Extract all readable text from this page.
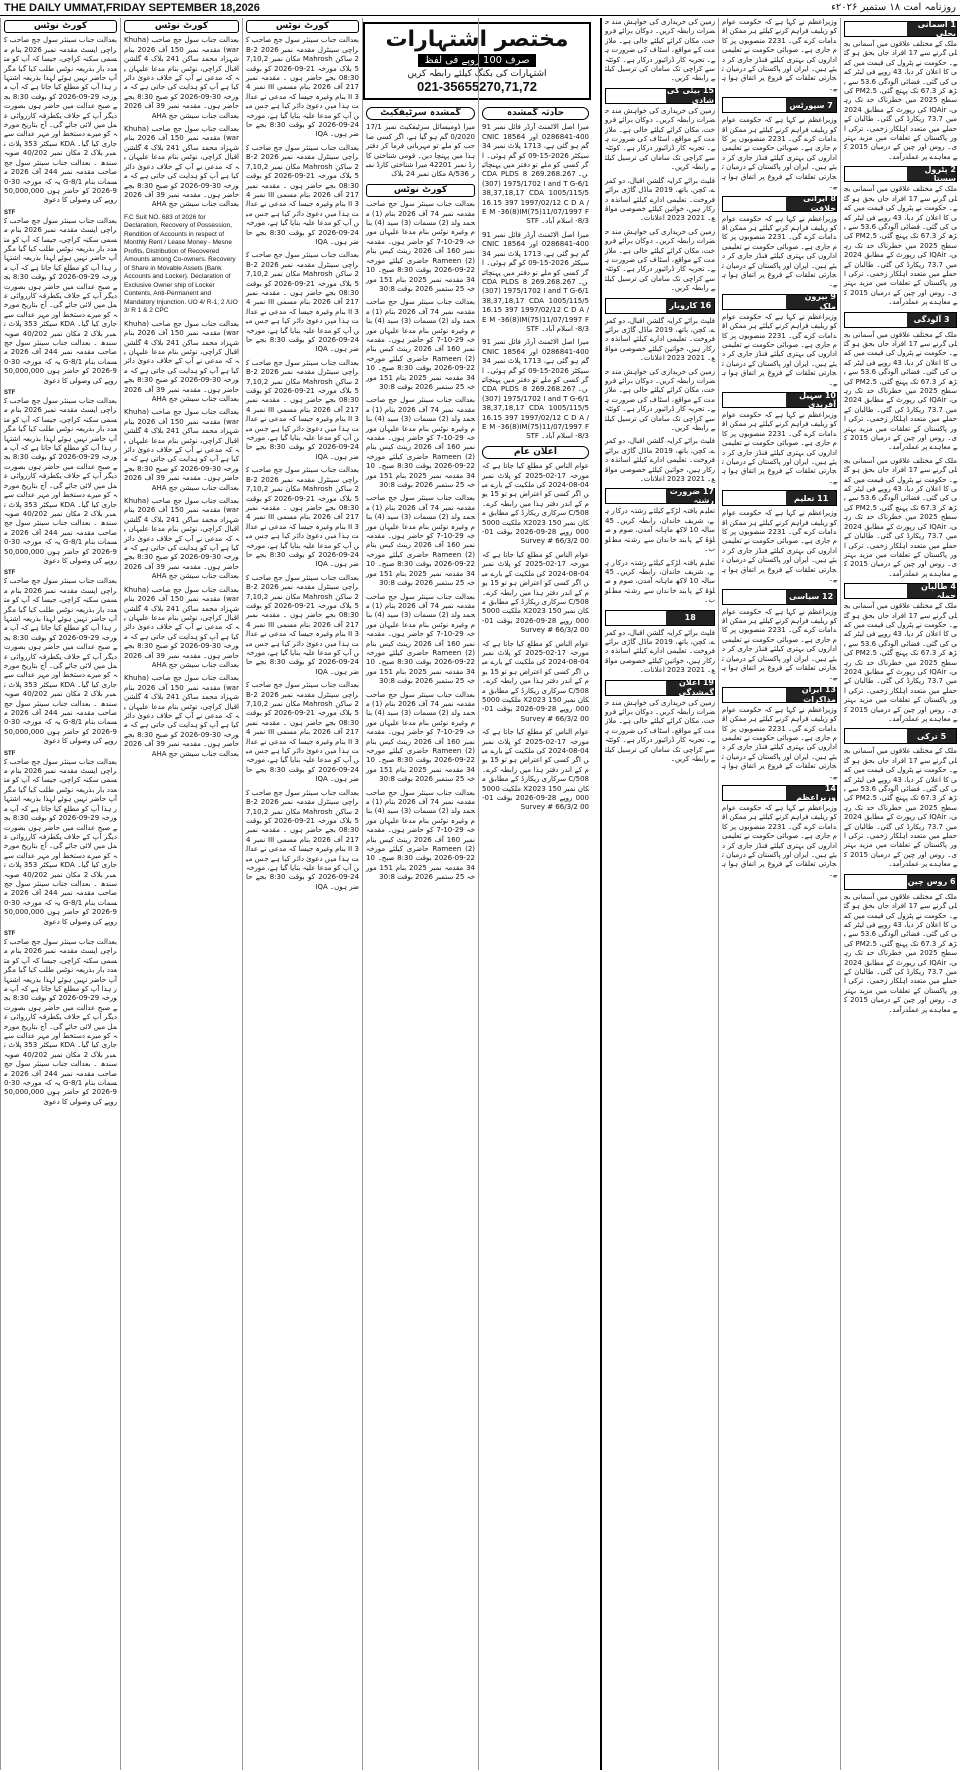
THE DAILY UMMAT,FRIDAY SEPTEMBER 18,2026	روزنامہ امت ۱۸ ستمبر ۲۰۲۶ء
کورٹ نوٹس
بعدالت جناب سینئر سول جج صاحب کراچی ایسٹ مقدمہ نمبر 2026 بنام مسمی سکنہ کراچی، جیسا کہ آپ کو متعدد بار بذریعہ نوٹس طلب کیا گیا مگر آپ حاضر نہیں ہوئے لہذا بذریعہ اشتہار ہذا آپ کو مطلع کیا جاتا ہے کہ آپ مورخہ 29-09-2026 کو بوقت 8:30 بجے صبح عدالت میں حاضر ہوں بصورت دیگر آپ کے خلاف یکطرفہ کارروائی عمل میں لائی جائے گی۔ آج بتاریخ مورخہ کو میرے دستخط اور مہر عدالت سے جاری کیا گیا۔ KDA سیکٹر 353 پلاٹ نمبر بلاک 2 مکان نمبر 40/202 صوبہ سندھ ۔ بعدالت جناب سینئر سول جج صاحب مقدمہ نمبر 244 آف 2026 مسمات بنام G-8/1 یہ کہ مورخہ 30-09-2026 کو حاضر ہوں 50,000,000 روپے کی وصولی کا دعویٰ
STF
بعدالت جناب سینئر سول جج صاحب کراچی ایسٹ مقدمہ نمبر 2026 بنام مسمی سکنہ کراچی، جیسا کہ آپ کو متعدد بار بذریعہ نوٹس طلب کیا گیا مگر آپ حاضر نہیں ہوئے لہذا بذریعہ اشتہار ہذا آپ کو مطلع کیا جاتا ہے کہ آپ مورخہ 29-09-2026 کو بوقت 8:30 بجے صبح عدالت میں حاضر ہوں بصورت دیگر آپ کے خلاف یکطرفہ کارروائی عمل میں لائی جائے گی۔ آج بتاریخ مورخہ کو میرے دستخط اور مہر عدالت سے جاری کیا گیا۔ KDA سیکٹر 353 پلاٹ نمبر بلاک 2 مکان نمبر 40/202 صوبہ سندھ ۔ بعدالت جناب سینئر سول جج صاحب مقدمہ نمبر 244 آف 2026 مسمات بنام G-8/1 یہ کہ مورخہ 30-09-2026 کو حاضر ہوں 50,000,000 روپے کی وصولی کا دعویٰ
STF
بعدالت جناب سینئر سول جج صاحب کراچی ایسٹ مقدمہ نمبر 2026 بنام مسمی سکنہ کراچی، جیسا کہ آپ کو متعدد بار بذریعہ نوٹس طلب کیا گیا مگر آپ حاضر نہیں ہوئے لہذا بذریعہ اشتہار ہذا آپ کو مطلع کیا جاتا ہے کہ آپ مورخہ 29-09-2026 کو بوقت 8:30 بجے صبح عدالت میں حاضر ہوں بصورت دیگر آپ کے خلاف یکطرفہ کارروائی عمل میں لائی جائے گی۔ آج بتاریخ مورخہ کو میرے دستخط اور مہر عدالت سے جاری کیا گیا۔ KDA سیکٹر 353 پلاٹ نمبر بلاک 2 مکان نمبر 40/202 صوبہ سندھ ۔ بعدالت جناب سینئر سول جج صاحب مقدمہ نمبر 244 آف 2026 مسمات بنام G-8/1 یہ کہ مورخہ 30-09-2026 کو حاضر ہوں 50,000,000 روپے کی وصولی کا دعویٰ
STF
بعدالت جناب سینئر سول جج صاحب کراچی ایسٹ مقدمہ نمبر 2026 بنام مسمی سکنہ کراچی، جیسا کہ آپ کو متعدد بار بذریعہ نوٹس طلب کیا گیا مگر آپ حاضر نہیں ہوئے لہذا بذریعہ اشتہار ہذا آپ کو مطلع کیا جاتا ہے کہ آپ مورخہ 29-09-2026 کو بوقت 8:30 بجے صبح عدالت میں حاضر ہوں بصورت دیگر آپ کے خلاف یکطرفہ کارروائی عمل میں لائی جائے گی۔ آج بتاریخ مورخہ کو میرے دستخط اور مہر عدالت سے جاری کیا گیا۔ KDA سیکٹر 353 پلاٹ نمبر بلاک 2 مکان نمبر 40/202 صوبہ سندھ ۔ بعدالت جناب سینئر سول جج صاحب مقدمہ نمبر 244 آف 2026 مسمات بنام G-8/1 یہ کہ مورخہ 30-09-2026 کو حاضر ہوں 50,000,000 روپے کی وصولی کا دعویٰ
STF
بعدالت جناب سینئر سول جج صاحب کراچی ایسٹ مقدمہ نمبر 2026 بنام مسمی سکنہ کراچی، جیسا کہ آپ کو متعدد بار بذریعہ نوٹس طلب کیا گیا مگر آپ حاضر نہیں ہوئے لہذا بذریعہ اشتہار ہذا آپ کو مطلع کیا جاتا ہے کہ آپ مورخہ 29-09-2026 کو بوقت 8:30 بجے صبح عدالت میں حاضر ہوں بصورت دیگر آپ کے خلاف یکطرفہ کارروائی عمل میں لائی جائے گی۔ آج بتاریخ مورخہ کو میرے دستخط اور مہر عدالت سے جاری کیا گیا۔ KDA سیکٹر 353 پلاٹ نمبر بلاک 2 مکان نمبر 40/202 صوبہ سندھ ۔ بعدالت جناب سینئر سول جج صاحب مقدمہ نمبر 244 آف 2026 مسمات بنام G-8/1 یہ کہ مورخہ 30-09-2026 کو حاضر ہوں 50,000,000 روپے کی وصولی کا دعویٰ
STF
بعدالت جناب سینئر سول جج صاحب کراچی ایسٹ مقدمہ نمبر 2026 بنام مسمی سکنہ کراچی، جیسا کہ آپ کو متعدد بار بذریعہ نوٹس طلب کیا گیا مگر آپ حاضر نہیں ہوئے لہذا بذریعہ اشتہار ہذا آپ کو مطلع کیا جاتا ہے کہ آپ مورخہ 29-09-2026 کو بوقت 8:30 بجے صبح عدالت میں حاضر ہوں بصورت دیگر آپ کے خلاف یکطرفہ کارروائی عمل میں لائی جائے گی۔ آج بتاریخ مورخہ کو میرے دستخط اور مہر عدالت سے جاری کیا گیا۔ KDA سیکٹر 353 پلاٹ نمبر بلاک 2 مکان نمبر 40/202 صوبہ سندھ ۔ بعدالت جناب سینئر سول جج صاحب مقدمہ نمبر 244 آف 2026 مسمات بنام G-8/1 یہ کہ مورخہ 30-09-2026 کو حاضر ہوں 50,000,000 روپے کی وصولی کا دعویٰ
کورٹ نوٹس
بعدالت جناب سول جج صاحب (Khuhawar) مقدمہ نمبر 150 آف 2026 بنام شہزاد محمد ساکن 241 بلاک 4 گلشن اقبال کراچی، نوٹس بنام مدعا علیہان یہ کہ مدعی نے آپ کے خلاف دعویٰ دائر کیا ہے آپ کو ہدایت کی جاتی ہے کہ مورخہ 30-09-2026 کو صبح 8:30 بجے حاضر ہوں۔ مقدمہ نمبر 39 آف 2026 بعدالت جناب سیشن جج AHA
بعدالت جناب سول جج صاحب (Khuhawar) مقدمہ نمبر 150 آف 2026 بنام شہزاد محمد ساکن 241 بلاک 4 گلشن اقبال کراچی، نوٹس بنام مدعا علیہان یہ کہ مدعی نے آپ کے خلاف دعویٰ دائر کیا ہے آپ کو ہدایت کی جاتی ہے کہ مورخہ 30-09-2026 کو صبح 8:30 بجے حاضر ہوں۔ مقدمہ نمبر 39 آف 2026 بعدالت جناب سیشن جج AHA
F.C Suit NO. 683 of 2026 for Declaration, Recovery of Possession, Rendition of Accounts in respect of Monthly Rent / Lease Money - Mesne Profits, Distribution of Recovered Amounts among Co-owners. Recovery of Share in Movable Assets (Bank Accounts and Locker). Declaration of Exclusive Owner ship of Locker Contents, Anti-Permanent and Mandatory Injunction. UO 4/ R-1, 2 /UO 3/ R 1 & 2 CPC
بعدالت جناب سول جج صاحب (Khuhawar) مقدمہ نمبر 150 آف 2026 بنام شہزاد محمد ساکن 241 بلاک 4 گلشن اقبال کراچی، نوٹس بنام مدعا علیہان یہ کہ مدعی نے آپ کے خلاف دعویٰ دائر کیا ہے آپ کو ہدایت کی جاتی ہے کہ مورخہ 30-09-2026 کو صبح 8:30 بجے حاضر ہوں۔ مقدمہ نمبر 39 آف 2026 بعدالت جناب سیشن جج AHA
بعدالت جناب سول جج صاحب (Khuhawar) مقدمہ نمبر 150 آف 2026 بنام شہزاد محمد ساکن 241 بلاک 4 گلشن اقبال کراچی، نوٹس بنام مدعا علیہان یہ کہ مدعی نے آپ کے خلاف دعویٰ دائر کیا ہے آپ کو ہدایت کی جاتی ہے کہ مورخہ 30-09-2026 کو صبح 8:30 بجے حاضر ہوں۔ مقدمہ نمبر 39 آف 2026 بعدالت جناب سیشن جج AHA
بعدالت جناب سول جج صاحب (Khuhawar) مقدمہ نمبر 150 آف 2026 بنام شہزاد محمد ساکن 241 بلاک 4 گلشن اقبال کراچی، نوٹس بنام مدعا علیہان یہ کہ مدعی نے آپ کے خلاف دعویٰ دائر کیا ہے آپ کو ہدایت کی جاتی ہے کہ مورخہ 30-09-2026 کو صبح 8:30 بجے حاضر ہوں۔ مقدمہ نمبر 39 آف 2026 بعدالت جناب سیشن جج AHA
بعدالت جناب سول جج صاحب (Khuhawar) مقدمہ نمبر 150 آف 2026 بنام شہزاد محمد ساکن 241 بلاک 4 گلشن اقبال کراچی، نوٹس بنام مدعا علیہان یہ کہ مدعی نے آپ کے خلاف دعویٰ دائر کیا ہے آپ کو ہدایت کی جاتی ہے کہ مورخہ 30-09-2026 کو صبح 8:30 بجے حاضر ہوں۔ مقدمہ نمبر 39 آف 2026 بعدالت جناب سیشن جج AHA
بعدالت جناب سول جج صاحب (Khuhawar) مقدمہ نمبر 150 آف 2026 بنام شہزاد محمد ساکن 241 بلاک 4 گلشن اقبال کراچی، نوٹس بنام مدعا علیہان یہ کہ مدعی نے آپ کے خلاف دعویٰ دائر کیا ہے آپ کو ہدایت کی جاتی ہے کہ مورخہ 30-09-2026 کو صبح 8:30 بجے حاضر ہوں۔ مقدمہ نمبر 39 آف 2026 بعدالت جناب سیشن جج AHA
کورٹ نوٹس
بعدالت جناب سینئر سول جج صاحب کراچی سینٹرل مقدمہ نمبر 2026 B-22 ساکن Mahrosh مکان نمبر 7,10,25 بلاک مورخہ 21-09-2026 کو بوقت 08:30 بجے حاضر ہوں ۔ مقدمہ نمبر 217 آف 2026 بنام مسمی III نمبر 43 II بنام وغیرہ جیسا کہ مدعی نے عدالت ہذا میں دعویٰ دائر کیا ہے جس میں آپ کو مدعا علیہ بنایا گیا ہے، مورخہ 24-09-2026 کو بوقت 8:30 بجے حاضر ہوں۔ IQA
بعدالت جناب سینئر سول جج صاحب کراچی سینٹرل مقدمہ نمبر 2026 B-22 ساکن Mahrosh مکان نمبر 7,10,25 بلاک مورخہ 21-09-2026 کو بوقت 08:30 بجے حاضر ہوں ۔ مقدمہ نمبر 217 آف 2026 بنام مسمی III نمبر 43 II بنام وغیرہ جیسا کہ مدعی نے عدالت ہذا میں دعویٰ دائر کیا ہے جس میں آپ کو مدعا علیہ بنایا گیا ہے، مورخہ 24-09-2026 کو بوقت 8:30 بجے حاضر ہوں۔ IQA
بعدالت جناب سینئر سول جج صاحب کراچی سینٹرل مقدمہ نمبر 2026 B-22 ساکن Mahrosh مکان نمبر 7,10,25 بلاک مورخہ 21-09-2026 کو بوقت 08:30 بجے حاضر ہوں ۔ مقدمہ نمبر 217 آف 2026 بنام مسمی III نمبر 43 II بنام وغیرہ جیسا کہ مدعی نے عدالت ہذا میں دعویٰ دائر کیا ہے جس میں آپ کو مدعا علیہ بنایا گیا ہے، مورخہ 24-09-2026 کو بوقت 8:30 بجے حاضر ہوں۔ IQA
بعدالت جناب سینئر سول جج صاحب کراچی سینٹرل مقدمہ نمبر 2026 B-22 ساکن Mahrosh مکان نمبر 7,10,25 بلاک مورخہ 21-09-2026 کو بوقت 08:30 بجے حاضر ہوں ۔ مقدمہ نمبر 217 آف 2026 بنام مسمی III نمبر 43 II بنام وغیرہ جیسا کہ مدعی نے عدالت ہذا میں دعویٰ دائر کیا ہے جس میں آپ کو مدعا علیہ بنایا گیا ہے، مورخہ 24-09-2026 کو بوقت 8:30 بجے حاضر ہوں۔ IQA
بعدالت جناب سینئر سول جج صاحب کراچی سینٹرل مقدمہ نمبر 2026 B-22 ساکن Mahrosh مکان نمبر 7,10,25 بلاک مورخہ 21-09-2026 کو بوقت 08:30 بجے حاضر ہوں ۔ مقدمہ نمبر 217 آف 2026 بنام مسمی III نمبر 43 II بنام وغیرہ جیسا کہ مدعی نے عدالت ہذا میں دعویٰ دائر کیا ہے جس میں آپ کو مدعا علیہ بنایا گیا ہے، مورخہ 24-09-2026 کو بوقت 8:30 بجے حاضر ہوں۔ IQA
بعدالت جناب سینئر سول جج صاحب کراچی سینٹرل مقدمہ نمبر 2026 B-22 ساکن Mahrosh مکان نمبر 7,10,25 بلاک مورخہ 21-09-2026 کو بوقت 08:30 بجے حاضر ہوں ۔ مقدمہ نمبر 217 آف 2026 بنام مسمی III نمبر 43 II بنام وغیرہ جیسا کہ مدعی نے عدالت ہذا میں دعویٰ دائر کیا ہے جس میں آپ کو مدعا علیہ بنایا گیا ہے، مورخہ 24-09-2026 کو بوقت 8:30 بجے حاضر ہوں۔ IQA
بعدالت جناب سینئر سول جج صاحب کراچی سینٹرل مقدمہ نمبر 2026 B-22 ساکن Mahrosh مکان نمبر 7,10,25 بلاک مورخہ 21-09-2026 کو بوقت 08:30 بجے حاضر ہوں ۔ مقدمہ نمبر 217 آف 2026 بنام مسمی III نمبر 43 II بنام وغیرہ جیسا کہ مدعی نے عدالت ہذا میں دعویٰ دائر کیا ہے جس میں آپ کو مدعا علیہ بنایا گیا ہے، مورخہ 24-09-2026 کو بوقت 8:30 بجے حاضر ہوں۔ IQA
بعدالت جناب سینئر سول جج صاحب کراچی سینٹرل مقدمہ نمبر 2026 B-22 ساکن Mahrosh مکان نمبر 7,10,25 بلاک مورخہ 21-09-2026 کو بوقت 08:30 بجے حاضر ہوں ۔ مقدمہ نمبر 217 آف 2026 بنام مسمی III نمبر 43 II بنام وغیرہ جیسا کہ مدعی نے عدالت ہذا میں دعویٰ دائر کیا ہے جس میں آپ کو مدعا علیہ بنایا گیا ہے، مورخہ 24-09-2026 کو بوقت 8:30 بجے حاضر ہوں۔ IQA
مختصر اشتہارات
صرف 100 روپے فی لفظ
اشتہارات کی بکنگ کیلئے رابطہ کریں
021-35655270,71,72
گمشدہ سرٹیفکیٹ
میرا ڈومیسائل سرٹیفکیٹ نمبر 17/10/2020 گم ہو گیا ہے، اگر کسی صاحب کو ملے تو مہربانی فرما کر دفتر ہذا میں پہنچا دیں۔ قومی شناختی کارڈ نمبر 42201 میرا شناختی کارڈ نمبر A/536 مکان نمبر 24 بلاک
کورٹ نوٹس
بعدالت جناب سینئر سول جج صاحب مقدمہ نمبر 74 آف 2026 بنام (1) محمد ولد (2) مسمات (3) سید (4) بنام وغیرہ نوٹس بنام مدعا علیہان مورخہ 29-10-7 کو حاضر ہوں۔ مقدمہ نمبر 160 آف 2026 رینٹ کیس بنام Rameen (2) حاضری کیلئے مورخہ 22-09-2026 بوقت 8:30 صبح۔ 1034 مقدمہ نمبر 2025 بنام 151 مورخہ 25 ستمبر 2026 بوقت 30:8
بعدالت جناب سینئر سول جج صاحب مقدمہ نمبر 74 آف 2026 بنام (1) محمد ولد (2) مسمات (3) سید (4) بنام وغیرہ نوٹس بنام مدعا علیہان مورخہ 29-10-7 کو حاضر ہوں۔ مقدمہ نمبر 160 آف 2026 رینٹ کیس بنام Rameen (2) حاضری کیلئے مورخہ 22-09-2026 بوقت 8:30 صبح۔ 1034 مقدمہ نمبر 2025 بنام 151 مورخہ 25 ستمبر 2026 بوقت 30:8
بعدالت جناب سینئر سول جج صاحب مقدمہ نمبر 74 آف 2026 بنام (1) محمد ولد (2) مسمات (3) سید (4) بنام وغیرہ نوٹس بنام مدعا علیہان مورخہ 29-10-7 کو حاضر ہوں۔ مقدمہ نمبر 160 آف 2026 رینٹ کیس بنام Rameen (2) حاضری کیلئے مورخہ 22-09-2026 بوقت 8:30 صبح۔ 1034 مقدمہ نمبر 2025 بنام 151 مورخہ 25 ستمبر 2026 بوقت 30:8
بعدالت جناب سینئر سول جج صاحب مقدمہ نمبر 74 آف 2026 بنام (1) محمد ولد (2) مسمات (3) سید (4) بنام وغیرہ نوٹس بنام مدعا علیہان مورخہ 29-10-7 کو حاضر ہوں۔ مقدمہ نمبر 160 آف 2026 رینٹ کیس بنام Rameen (2) حاضری کیلئے مورخہ 22-09-2026 بوقت 8:30 صبح۔ 1034 مقدمہ نمبر 2025 بنام 151 مورخہ 25 ستمبر 2026 بوقت 30:8
بعدالت جناب سینئر سول جج صاحب مقدمہ نمبر 74 آف 2026 بنام (1) محمد ولد (2) مسمات (3) سید (4) بنام وغیرہ نوٹس بنام مدعا علیہان مورخہ 29-10-7 کو حاضر ہوں۔ مقدمہ نمبر 160 آف 2026 رینٹ کیس بنام Rameen (2) حاضری کیلئے مورخہ 22-09-2026 بوقت 8:30 صبح۔ 1034 مقدمہ نمبر 2025 بنام 151 مورخہ 25 ستمبر 2026 بوقت 30:8
بعدالت جناب سینئر سول جج صاحب مقدمہ نمبر 74 آف 2026 بنام (1) محمد ولد (2) مسمات (3) سید (4) بنام وغیرہ نوٹس بنام مدعا علیہان مورخہ 29-10-7 کو حاضر ہوں۔ مقدمہ نمبر 160 آف 2026 رینٹ کیس بنام Rameen (2) حاضری کیلئے مورخہ 22-09-2026 بوقت 8:30 صبح۔ 1034 مقدمہ نمبر 2025 بنام 151 مورخہ 25 ستمبر 2026 بوقت 30:8
بعدالت جناب سینئر سول جج صاحب مقدمہ نمبر 74 آف 2026 بنام (1) محمد ولد (2) مسمات (3) سید (4) بنام وغیرہ نوٹس بنام مدعا علیہان مورخہ 29-10-7 کو حاضر ہوں۔ مقدمہ نمبر 160 آف 2026 رینٹ کیس بنام Rameen (2) حاضری کیلئے مورخہ 22-09-2026 بوقت 8:30 صبح۔ 1034 مقدمہ نمبر 2025 بنام 151 مورخہ 25 ستمبر 2026 بوقت 30:8
حادثہ گمشدہ
میرا اصل الاٹمنٹ آرڈر فائل نمبر 91400-0286841 اور CNIC 18564 گم ہو گئی ہے، 1713 پلاٹ نمبر 34 سیکٹر 2026-15-09 کو گم ہوئی۔ اگر کسی کو ملے تو دفتر میں پہنچائیں۔ 269.268.267 CDA PLDS 8(307) 1975/1702 I and T G-6/1 38,37,18,17 CDA 1005/115/5 16.15 397 1997/02/12 C D A / E M -36(8)IM(75)11/07/1997 F-8/3 اسلام آباد۔ STF
میرا اصل الاٹمنٹ آرڈر فائل نمبر 91400-0286841 اور CNIC 18564 گم ہو گئی ہے، 1713 پلاٹ نمبر 34 سیکٹر 2026-15-09 کو گم ہوئی۔ اگر کسی کو ملے تو دفتر میں پہنچائیں۔ 269.268.267 CDA PLDS 8(307) 1975/1702 I and T G-6/1 38,37,18,17 CDA 1005/115/5 16.15 397 1997/02/12 C D A / E M -36(8)IM(75)11/07/1997 F-8/3 اسلام آباد۔ STF
میرا اصل الاٹمنٹ آرڈر فائل نمبر 91400-0286841 اور CNIC 18564 گم ہو گئی ہے، 1713 پلاٹ نمبر 34 سیکٹر 2026-15-09 کو گم ہوئی۔ اگر کسی کو ملے تو دفتر میں پہنچائیں۔ 269.268.267 CDA PLDS 8(307) 1975/1702 I and T G-6/1 38,37,18,17 CDA 1005/115/5 16.15 397 1997/02/12 C D A / E M -36(8)IM(75)11/07/1997 F-8/3 اسلام آباد۔ STF
اعلان عام
عوام الناس کو مطلع کیا جاتا ہے کہ مورخہ 17-02-2025 کو پلاٹ نمبر 04-08-2024 کی ملکیت کے بارے میں اگر کسی کو اعتراض ہو تو 15 یوم کے اندر دفتر ہذا میں رابطہ کرے۔ C/508 سرکاری ریکارڈ کے مطابق مکان نمبر 150 X2023 ملکیت 5000000 روپے 28-09-2026 بوقت 01-00 Survey # 66/3/2
عوام الناس کو مطلع کیا جاتا ہے کہ مورخہ 17-02-2025 کو پلاٹ نمبر 04-08-2024 کی ملکیت کے بارے میں اگر کسی کو اعتراض ہو تو 15 یوم کے اندر دفتر ہذا میں رابطہ کرے۔ C/508 سرکاری ریکارڈ کے مطابق مکان نمبر 150 X2023 ملکیت 5000000 روپے 28-09-2026 بوقت 01-00 Survey # 66/3/2
عوام الناس کو مطلع کیا جاتا ہے کہ مورخہ 17-02-2025 کو پلاٹ نمبر 04-08-2024 کی ملکیت کے بارے میں اگر کسی کو اعتراض ہو تو 15 یوم کے اندر دفتر ہذا میں رابطہ کرے۔ C/508 سرکاری ریکارڈ کے مطابق مکان نمبر 150 X2023 ملکیت 5000000 روپے 28-09-2026 بوقت 01-00 Survey # 66/3/2
عوام الناس کو مطلع کیا جاتا ہے کہ مورخہ 17-02-2025 کو پلاٹ نمبر 04-08-2024 کی ملکیت کے بارے میں اگر کسی کو اعتراض ہو تو 15 یوم کے اندر دفتر ہذا میں رابطہ کرے۔ C/508 سرکاری ریکارڈ کے مطابق مکان نمبر 150 X2023 ملکیت 5000000 روپے 28-09-2026 بوقت 01-00 Survey # 66/3/2
زمین کی خریداری کی خواہش مند حضرات رابطہ کریں۔ دوکان برائے فروخت، مکان کرائے کیلئے خالی ہے۔ ملازمت کے مواقع، اسٹاف کی ضرورت ہے۔ تجربہ کار ڈرائیور درکار ہے۔ کوئٹہ سے کراچی تک سامان کی ترسیل کیلئے رابطہ کریں۔
15 بیٹی کی شادی
زمین کی خریداری کی خواہش مند حضرات رابطہ کریں۔ دوکان برائے فروخت، مکان کرائے کیلئے خالی ہے۔ ملازمت کے مواقع، اسٹاف کی ضرورت ہے۔ تجربہ کار ڈرائیور درکار ہے۔ کوئٹہ سے کراچی تک سامان کی ترسیل کیلئے رابطہ کریں۔
فلیٹ برائے کرایہ گلشن اقبال، دو کمرے، کچن، باتھ، 2019 ماڈل گاڑی برائے فروخت۔ تعلیمی ادارے کیلئے اساتذہ درکار ہیں، خواتین کیلئے خصوصی مواقع۔ 2021 2023 اعلانات۔
زمین کی خریداری کی خواہش مند حضرات رابطہ کریں۔ دوکان برائے فروخت، مکان کرائے کیلئے خالی ہے۔ ملازمت کے مواقع، اسٹاف کی ضرورت ہے۔ تجربہ کار ڈرائیور درکار ہے۔ کوئٹہ سے کراچی تک سامان کی ترسیل کیلئے رابطہ کریں۔
16 کاروبار
فلیٹ برائے کرایہ گلشن اقبال، دو کمرے، کچن، باتھ، 2019 ماڈل گاڑی برائے فروخت۔ تعلیمی ادارے کیلئے اساتذہ درکار ہیں، خواتین کیلئے خصوصی مواقع۔ 2021 2023 اعلانات۔
زمین کی خریداری کی خواہش مند حضرات رابطہ کریں۔ دوکان برائے فروخت، مکان کرائے کیلئے خالی ہے۔ ملازمت کے مواقع، اسٹاف کی ضرورت ہے۔ تجربہ کار ڈرائیور درکار ہے۔ کوئٹہ سے کراچی تک سامان کی ترسیل کیلئے رابطہ کریں۔
فلیٹ برائے کرایہ گلشن اقبال، دو کمرے، کچن، باتھ، 2019 ماڈل گاڑی برائے فروخت۔ تعلیمی ادارے کیلئے اساتذہ درکار ہیں، خواتین کیلئے خصوصی مواقع۔ 2021 2023 اعلانات۔
17 ضرورت رشتہ
تعلیم یافتہ لڑکے کیلئے رشتہ درکار ہے، شریف خاندان، رابطہ کریں۔ 45 سالہ 10 لاکھ ماہانہ آمدن، صوم و صلوٰۃ کے پابند خاندان سے رشتہ مطلوب۔
تعلیم یافتہ لڑکے کیلئے رشتہ درکار ہے، شریف خاندان، رابطہ کریں۔ 45 سالہ 10 لاکھ ماہانہ آمدن، صوم و صلوٰۃ کے پابند خاندان سے رشتہ مطلوب۔
18
فلیٹ برائے کرایہ گلشن اقبال، دو کمرے، کچن، باتھ، 2019 ماڈل گاڑی برائے فروخت۔ تعلیمی ادارے کیلئے اساتذہ درکار ہیں، خواتین کیلئے خصوصی مواقع۔ 2021 2023 اعلانات۔
19 اعلان گمشدگی
زمین کی خریداری کی خواہش مند حضرات رابطہ کریں۔ دوکان برائے فروخت، مکان کرائے کیلئے خالی ہے۔ ملازمت کے مواقع، اسٹاف کی ضرورت ہے۔ تجربہ کار ڈرائیور درکار ہے۔ کوئٹہ سے کراچی تک سامان کی ترسیل کیلئے رابطہ کریں۔
وزیراعظم نے کہا ہے کہ حکومت عوام کو ریلیف فراہم کرنے کیلئے ہر ممکن اقدامات کرے گی۔ 2231 منصوبوں پر کام جاری ہے۔ صوبائی حکومت نے تعلیمی اداروں کی بہتری کیلئے فنڈز جاری کر دیئے ہیں۔ ایران اور پاکستان کے درمیان تجارتی تعلقات کے فروغ پر اتفاق ہوا ہے۔
7 سپورٹس
وزیراعظم نے کہا ہے کہ حکومت عوام کو ریلیف فراہم کرنے کیلئے ہر ممکن اقدامات کرے گی۔ 2231 منصوبوں پر کام جاری ہے۔ صوبائی حکومت نے تعلیمی اداروں کی بہتری کیلئے فنڈز جاری کر دیئے ہیں۔ ایران اور پاکستان کے درمیان تجارتی تعلقات کے فروغ پر اتفاق ہوا ہے۔
8 ایرانی خلافت
وزیراعظم نے کہا ہے کہ حکومت عوام کو ریلیف فراہم کرنے کیلئے ہر ممکن اقدامات کرے گی۔ 2231 منصوبوں پر کام جاری ہے۔ صوبائی حکومت نے تعلیمی اداروں کی بہتری کیلئے فنڈز جاری کر دیئے ہیں۔ ایران اور پاکستان کے درمیان تجارتی تعلقات کے فروغ پر اتفاق ہوا ہے۔
9 بیرون ملک
وزیراعظم نے کہا ہے کہ حکومت عوام کو ریلیف فراہم کرنے کیلئے ہر ممکن اقدامات کرے گی۔ 2231 منصوبوں پر کام جاری ہے۔ صوبائی حکومت نے تعلیمی اداروں کی بہتری کیلئے فنڈز جاری کر دیئے ہیں۔ ایران اور پاکستان کے درمیان تجارتی تعلقات کے فروغ پر اتفاق ہوا ہے۔
10 سہیل آفریدی
وزیراعظم نے کہا ہے کہ حکومت عوام کو ریلیف فراہم کرنے کیلئے ہر ممکن اقدامات کرے گی۔ 2231 منصوبوں پر کام جاری ہے۔ صوبائی حکومت نے تعلیمی اداروں کی بہتری کیلئے فنڈز جاری کر دیئے ہیں۔ ایران اور پاکستان کے درمیان تجارتی تعلقات کے فروغ پر اتفاق ہوا ہے۔
11 تعلیم
وزیراعظم نے کہا ہے کہ حکومت عوام کو ریلیف فراہم کرنے کیلئے ہر ممکن اقدامات کرے گی۔ 2231 منصوبوں پر کام جاری ہے۔ صوبائی حکومت نے تعلیمی اداروں کی بہتری کیلئے فنڈز جاری کر دیئے ہیں۔ ایران اور پاکستان کے درمیان تجارتی تعلقات کے فروغ پر اتفاق ہوا ہے۔
12 سیاسی
وزیراعظم نے کہا ہے کہ حکومت عوام کو ریلیف فراہم کرنے کیلئے ہر ممکن اقدامات کرے گی۔ 2231 منصوبوں پر کام جاری ہے۔ صوبائی حکومت نے تعلیمی اداروں کی بہتری کیلئے فنڈز جاری کر دیئے ہیں۔ ایران اور پاکستان کے درمیان تجارتی تعلقات کے فروغ پر اتفاق ہوا ہے۔
13 ایران مذاکرات
وزیراعظم نے کہا ہے کہ حکومت عوام کو ریلیف فراہم کرنے کیلئے ہر ممکن اقدامات کرے گی۔ 2231 منصوبوں پر کام جاری ہے۔ صوبائی حکومت نے تعلیمی اداروں کی بہتری کیلئے فنڈز جاری کر دیئے ہیں۔ ایران اور پاکستان کے درمیان تجارتی تعلقات کے فروغ پر اتفاق ہوا ہے۔
14 وزیراعظم
وزیراعظم نے کہا ہے کہ حکومت عوام کو ریلیف فراہم کرنے کیلئے ہر ممکن اقدامات کرے گی۔ 2231 منصوبوں پر کام جاری ہے۔ صوبائی حکومت نے تعلیمی اداروں کی بہتری کیلئے فنڈز جاری کر دیئے ہیں۔ ایران اور پاکستان کے درمیان تجارتی تعلقات کے فروغ پر اتفاق ہوا ہے۔
1 آسمانی بجلی
ملک کے مختلف علاقوں میں آسمانی بجلی گرنے سے 17 افراد جاں بحق ہو گئے۔ حکومت نے پٹرول کی قیمت میں کمی کا اعلان کر دیا، 43 روپے فی لیٹر کمی کی گئی۔ فضائی آلودگی 53.6 سے بڑھ کر 67.3 تک پہنچ گئی، PM2.5 کی سطح 2025 میں خطرناک حد تک رہی، IQAir کی رپورٹ کے مطابق 2024 میں 73.7 ریکارڈ کی گئی۔ طالبان کے حملے میں متعدد اہلکار زخمی۔ ترکی اور پاکستان کے تعلقات میں مزید بہتری۔ روس اور چین کے درمیان 2015 کے معاہدے پر عملدرآمد۔
2 پٹرول سستا
ملک کے مختلف علاقوں میں آسمانی بجلی گرنے سے 17 افراد جاں بحق ہو گئے۔ حکومت نے پٹرول کی قیمت میں کمی کا اعلان کر دیا، 43 روپے فی لیٹر کمی کی گئی۔ فضائی آلودگی 53.6 سے بڑھ کر 67.3 تک پہنچ گئی، PM2.5 کی سطح 2025 میں خطرناک حد تک رہی، IQAir کی رپورٹ کے مطابق 2024 میں 73.7 ریکارڈ کی گئی۔ طالبان کے حملے میں متعدد اہلکار زخمی۔ ترکی اور پاکستان کے تعلقات میں مزید بہتری۔ روس اور چین کے درمیان 2015 کے معاہدے پر عملدرآمد۔
3 آلودگی
ملک کے مختلف علاقوں میں آسمانی بجلی گرنے سے 17 افراد جاں بحق ہو گئے۔ حکومت نے پٹرول کی قیمت میں کمی کا اعلان کر دیا، 43 روپے فی لیٹر کمی کی گئی۔ فضائی آلودگی 53.6 سے بڑھ کر 67.3 تک پہنچ گئی، PM2.5 کی سطح 2025 میں خطرناک حد تک رہی، IQAir کی رپورٹ کے مطابق 2024 میں 73.7 ریکارڈ کی گئی۔ طالبان کے حملے میں متعدد اہلکار زخمی۔ ترکی اور پاکستان کے تعلقات میں مزید بہتری۔ روس اور چین کے درمیان 2015 کے معاہدے پر عملدرآمد۔
ملک کے مختلف علاقوں میں آسمانی بجلی گرنے سے 17 افراد جاں بحق ہو گئے۔ حکومت نے پٹرول کی قیمت میں کمی کا اعلان کر دیا، 43 روپے فی لیٹر کمی کی گئی۔ فضائی آلودگی 53.6 سے بڑھ کر 67.3 تک پہنچ گئی، PM2.5 کی سطح 2025 میں خطرناک حد تک رہی، IQAir کی رپورٹ کے مطابق 2024 میں 73.7 ریکارڈ کی گئی۔ طالبان کے حملے میں متعدد اہلکار زخمی۔ ترکی اور پاکستان کے تعلقات میں مزید بہتری۔ روس اور چین کے درمیان 2015 کے معاہدے پر عملدرآمد۔
4 طالبان حملہ
ملک کے مختلف علاقوں میں آسمانی بجلی گرنے سے 17 افراد جاں بحق ہو گئے۔ حکومت نے پٹرول کی قیمت میں کمی کا اعلان کر دیا، 43 روپے فی لیٹر کمی کی گئی۔ فضائی آلودگی 53.6 سے بڑھ کر 67.3 تک پہنچ گئی، PM2.5 کی سطح 2025 میں خطرناک حد تک رہی، IQAir کی رپورٹ کے مطابق 2024 میں 73.7 ریکارڈ کی گئی۔ طالبان کے حملے میں متعدد اہلکار زخمی۔ ترکی اور پاکستان کے تعلقات میں مزید بہتری۔ روس اور چین کے درمیان 2015 کے معاہدے پر عملدرآمد۔
5 ترکی
ملک کے مختلف علاقوں میں آسمانی بجلی گرنے سے 17 افراد جاں بحق ہو گئے۔ حکومت نے پٹرول کی قیمت میں کمی کا اعلان کر دیا، 43 روپے فی لیٹر کمی کی گئی۔ فضائی آلودگی 53.6 سے بڑھ کر 67.3 تک پہنچ گئی، PM2.5 کی سطح 2025 میں خطرناک حد تک رہی، IQAir کی رپورٹ کے مطابق 2024 میں 73.7 ریکارڈ کی گئی۔ طالبان کے حملے میں متعدد اہلکار زخمی۔ ترکی اور پاکستان کے تعلقات میں مزید بہتری۔ روس اور چین کے درمیان 2015 کے معاہدے پر عملدرآمد۔
6 روس چین
ملک کے مختلف علاقوں میں آسمانی بجلی گرنے سے 17 افراد جاں بحق ہو گئے۔ حکومت نے پٹرول کی قیمت میں کمی کا اعلان کر دیا، 43 روپے فی لیٹر کمی کی گئی۔ فضائی آلودگی 53.6 سے بڑھ کر 67.3 تک پہنچ گئی، PM2.5 کی سطح 2025 میں خطرناک حد تک رہی، IQAir کی رپورٹ کے مطابق 2024 میں 73.7 ریکارڈ کی گئی۔ طالبان کے حملے میں متعدد اہلکار زخمی۔ ترکی اور پاکستان کے تعلقات میں مزید بہتری۔ روس اور چین کے درمیان 2015 کے معاہدے پر عملدرآمد۔
